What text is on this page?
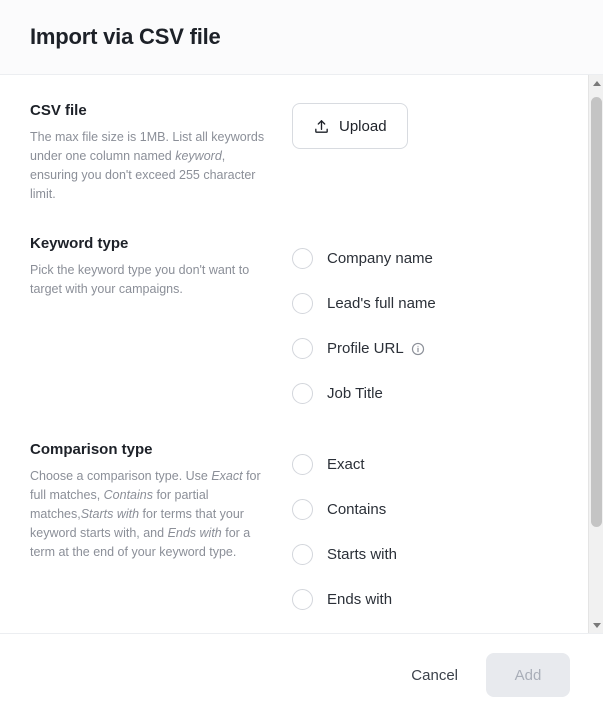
Import via CSV file
CSV file

The max file size is 1MB. List all keywords under one column named keyword, ensuring you don't exceed 255 character limit.

Upload
Keyword type

Pick the keyword type you don't want to target with your campaigns.

Company name
Lead's full name
Profile URL
Job Title
Comparison type

Choose a comparison type. Use Exact for full matches, Contains for partial matches,Starts with for terms that your keyword starts with, and Ends with for a term at the end of your keyword type.

Exact
Contains
Starts with
Ends with
Cancel	Add
